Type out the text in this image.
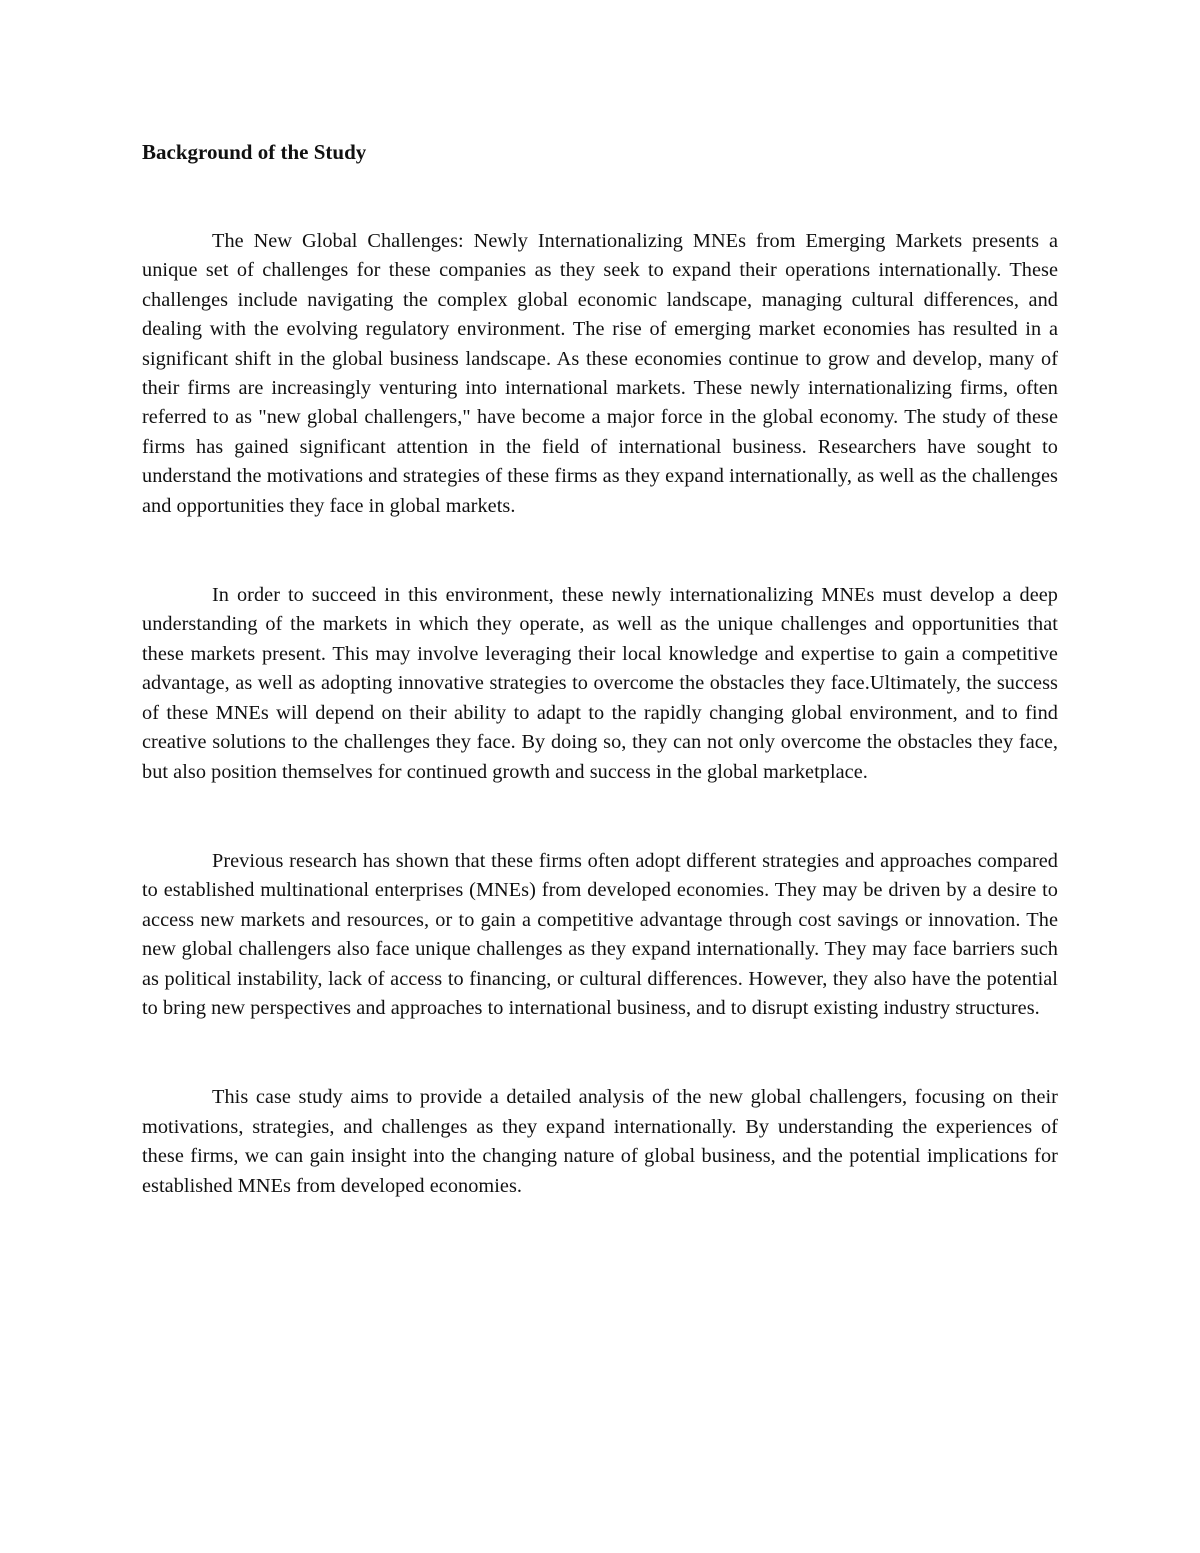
Background of the Study

The New Global Challenges: Newly Internationalizing MNEs from Emerging Markets presents a unique set of challenges for these companies as they seek to expand their operations internationally. These challenges include navigating the complex global economic landscape, managing cultural differences, and dealing with the evolving regulatory environment. The rise of emerging market economies has resulted in a significant shift in the global business landscape. As these economies continue to grow and develop, many of their firms are increasingly venturing into international markets. These newly internationalizing firms, often referred to as "new global challengers," have become a major force in the global economy. The study of these firms has gained significant attention in the field of international business. Researchers have sought to understand the motivations and strategies of these firms as they expand internationally, as well as the challenges and opportunities they face in global markets.

In order to succeed in this environment, these newly internationalizing MNEs must develop a deep understanding of the markets in which they operate, as well as the unique challenges and opportunities that these markets present. This may involve leveraging their local knowledge and expertise to gain a competitive advantage, as well as adopting innovative strategies to overcome the obstacles they face.Ultimately, the success of these MNEs will depend on their ability to adapt to the rapidly changing global environment, and to find creative solutions to the challenges they face. By doing so, they can not only overcome the obstacles they face, but also position themselves for continued growth and success in the global marketplace.

Previous research has shown that these firms often adopt different strategies and approaches compared to established multinational enterprises (MNEs) from developed economies. They may be driven by a desire to access new markets and resources, or to gain a competitive advantage through cost savings or innovation. The new global challengers also face unique challenges as they expand internationally. They may face barriers such as political instability, lack of access to financing, or cultural differences. However, they also have the potential to bring new perspectives and approaches to international business, and to disrupt existing industry structures.

This case study aims to provide a detailed analysis of the new global challengers, focusing on their motivations, strategies, and challenges as they expand internationally. By understanding the experiences of these firms, we can gain insight into the changing nature of global business, and the potential implications for established MNEs from developed economies.
